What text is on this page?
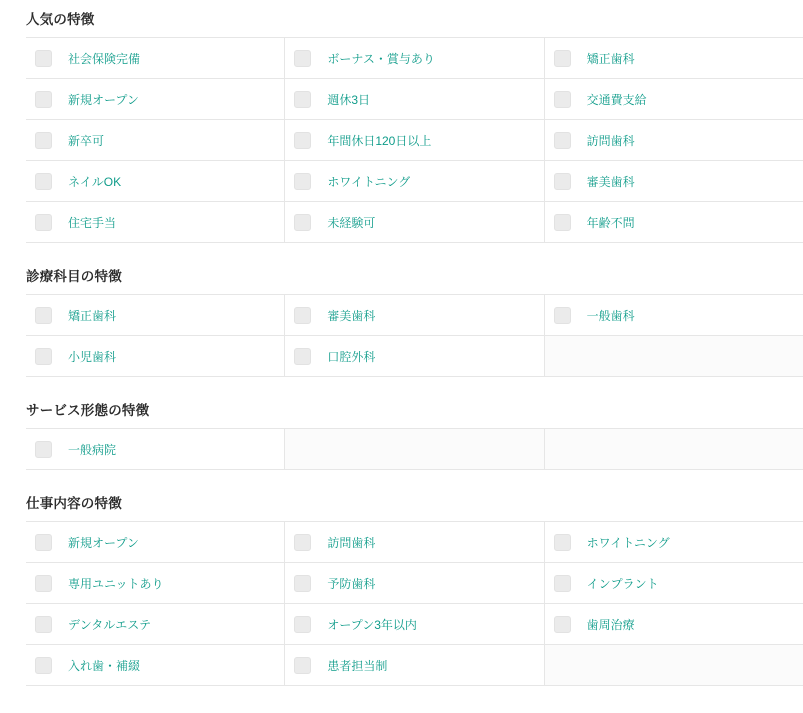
人気の特徴
社会保険完備	ボーナス・賞与あり	矯正歯科
新規オープン	週休3日	交通費支給
新卒可	年間休日120日以上	訪問歯科
ネイルOK	ホワイトニング	審美歯科
住宅手当	未経験可	年齢不問
診療科目の特徴
矯正歯科	審美歯科	一般歯科
小児歯科	口腔外科
サービス形態の特徴
一般病院
仕事内容の特徴
新規オープン	訪問歯科	ホワイトニング
専用ユニットあり	予防歯科	インプラント
デンタルエステ	オープン3年以内	歯周治療
入れ歯・補綴	患者担当制
